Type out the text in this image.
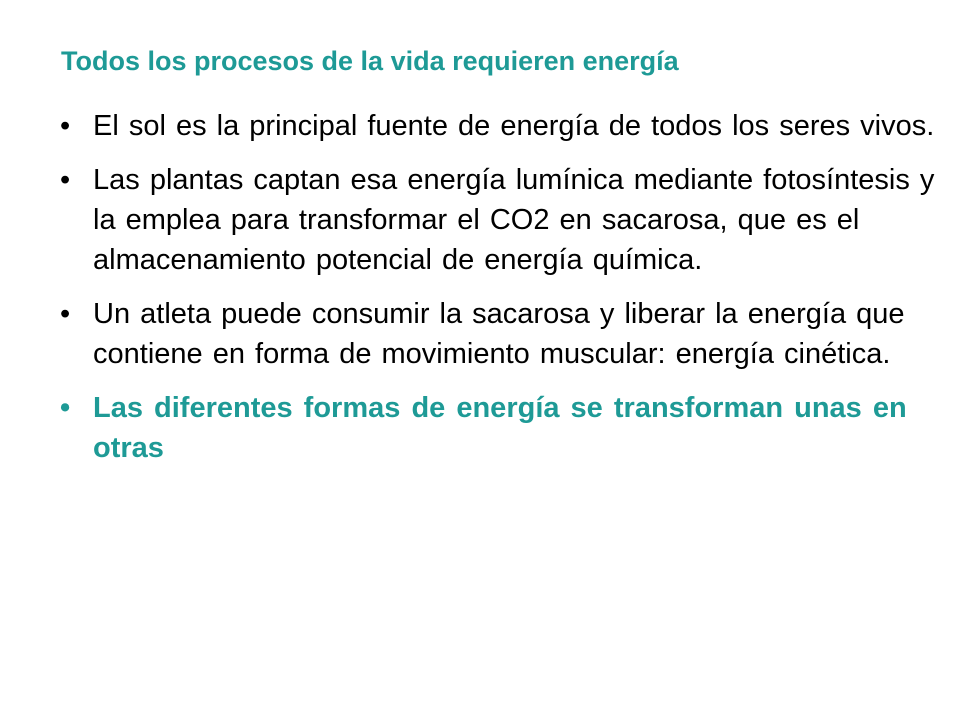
Todos los procesos de la vida requieren energía
• El sol es la principal fuente de energía de todos los seres vivos.
• Las plantas captan esa energía lumínica mediante fotosíntesis y la emplea para transformar el CO2 en sacarosa, que es el almacenamiento potencial de energía química.
• Un atleta puede consumir la sacarosa y liberar la energía que contiene en forma de movimiento muscular: energía cinética.
• Las diferentes formas de energía se transforman unas en otras
